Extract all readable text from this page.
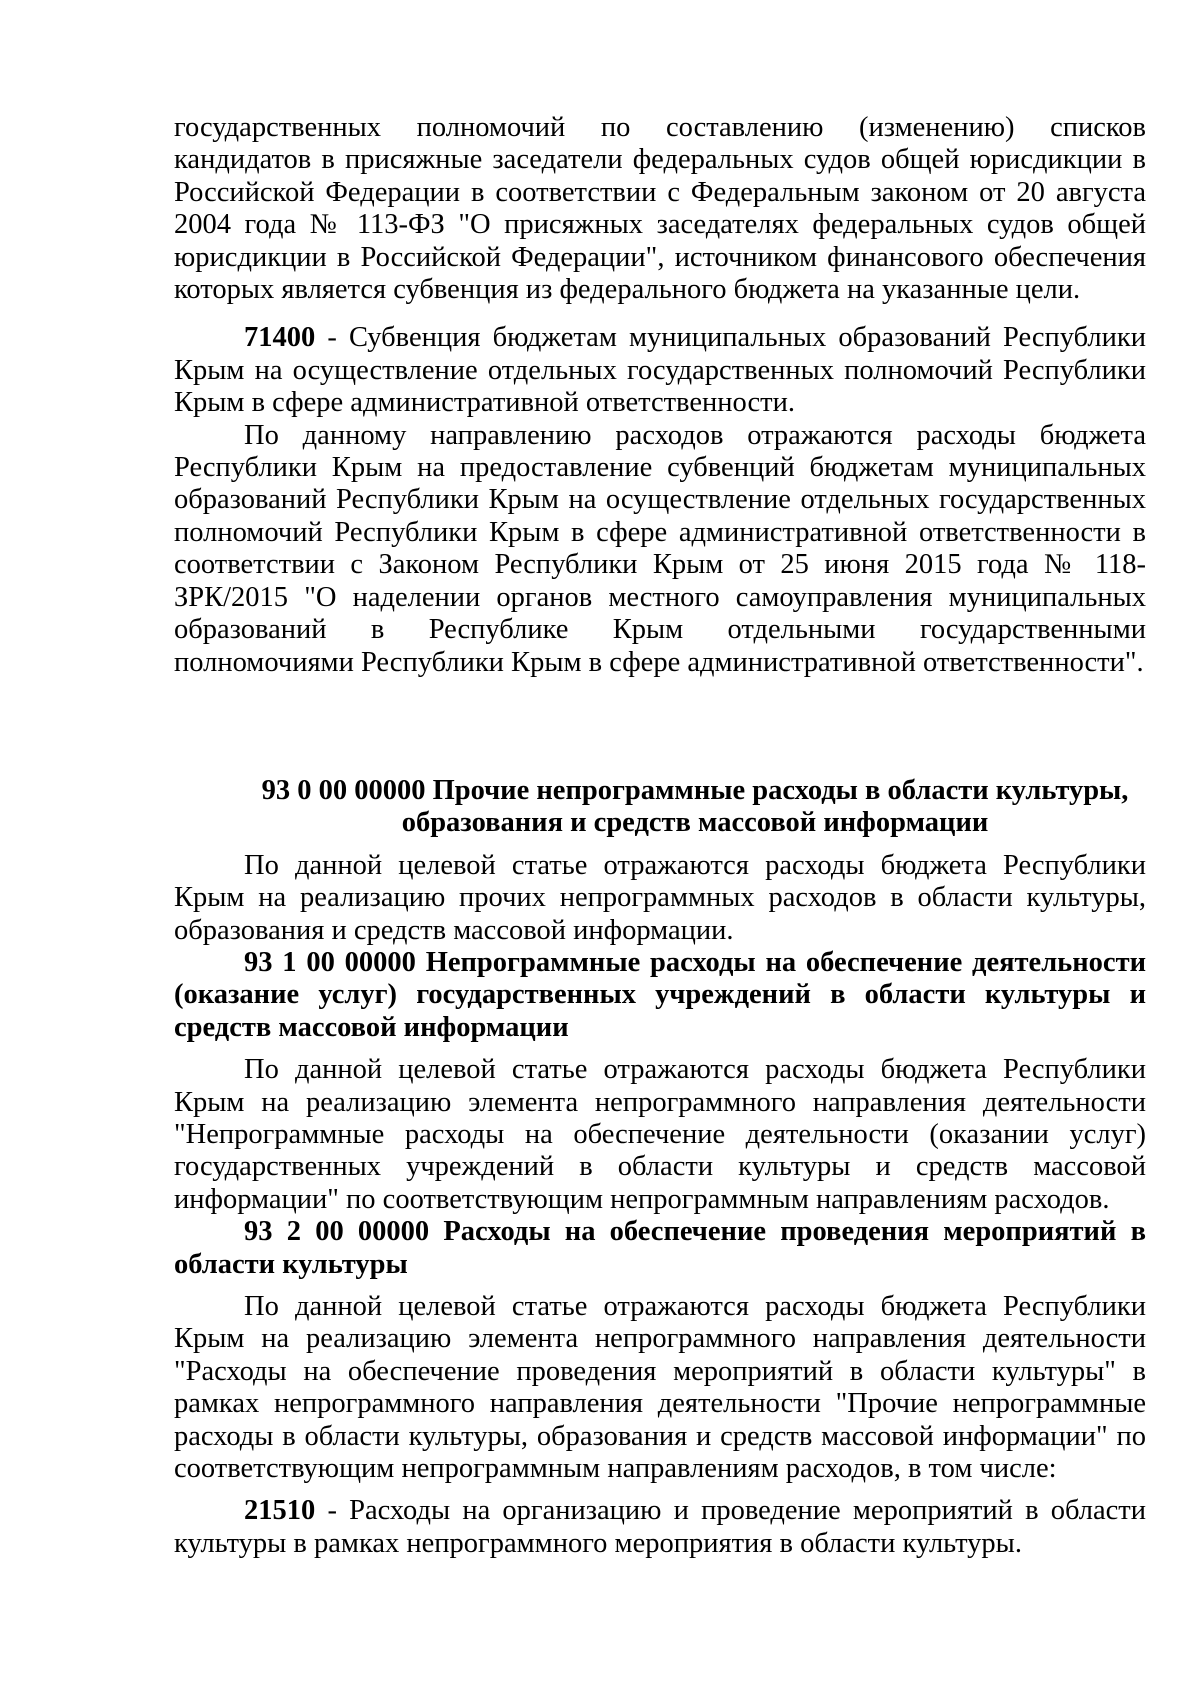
государственных полномочий по составлению (изменению) списков кандидатов в присяжные заседатели федеральных судов общей юрисдикции в Российской Федерации в соответствии с Федеральным законом от 20 августа 2004 года № 113-ФЗ "О присяжных заседателях федеральных судов общей юрисдикции в Российской Федерации", источником финансового обеспечения которых является субвенция из федерального бюджета на указанные цели.

71400 - Субвенция бюджетам муниципальных образований Республики Крым на осуществление отдельных государственных полномочий Республики Крым в сфере административной ответственности.

По данному направлению расходов отражаются расходы бюджета Республики Крым на предоставление субвенций бюджетам муниципальных образований Республики Крым на осуществление отдельных государственных полномочий Республики Крым в сфере административной ответственности в соответствии с Законом Республики Крым от 25 июня 2015 года № 118-ЗРК/2015 "О наделении органов местного самоуправления муниципальных образований в Республике Крым отдельными государственными полномочиями Республики Крым в сфере административной ответственности".

93 0 00 00000 Прочие непрограммные расходы в области культуры,

образования и средств массовой информации

По данной целевой статье отражаются расходы бюджета Республики Крым на реализацию прочих непрограммных расходов в области культуры, образования и средств массовой информации.

93 1 00 00000 Непрограммные расходы на обеспечение деятельности (оказание услуг) государственных учреждений в области культуры и средств массовой информации

По данной целевой статье отражаются расходы бюджета Республики Крым на реализацию элемента непрограммного направления деятельности "Непрограммные расходы на обеспечение деятельности (оказании услуг) государственных учреждений в области культуры и средств массовой информации" по соответствующим непрограммным направлениям расходов.

93 2 00 00000 Расходы на обеспечение проведения мероприятий в области культуры

По данной целевой статье отражаются расходы бюджета Республики Крым на реализацию элемента непрограммного направления деятельности "Расходы на обеспечение проведения мероприятий в области культуры" в рамках непрограммного направления деятельности "Прочие непрограммные расходы в области культуры, образования и средств массовой информации" по соответствующим непрограммным направлениям расходов, в том числе:

21510 - Расходы на организацию и проведение мероприятий в области культуры в рамках непрограммного мероприятия в области культуры.
